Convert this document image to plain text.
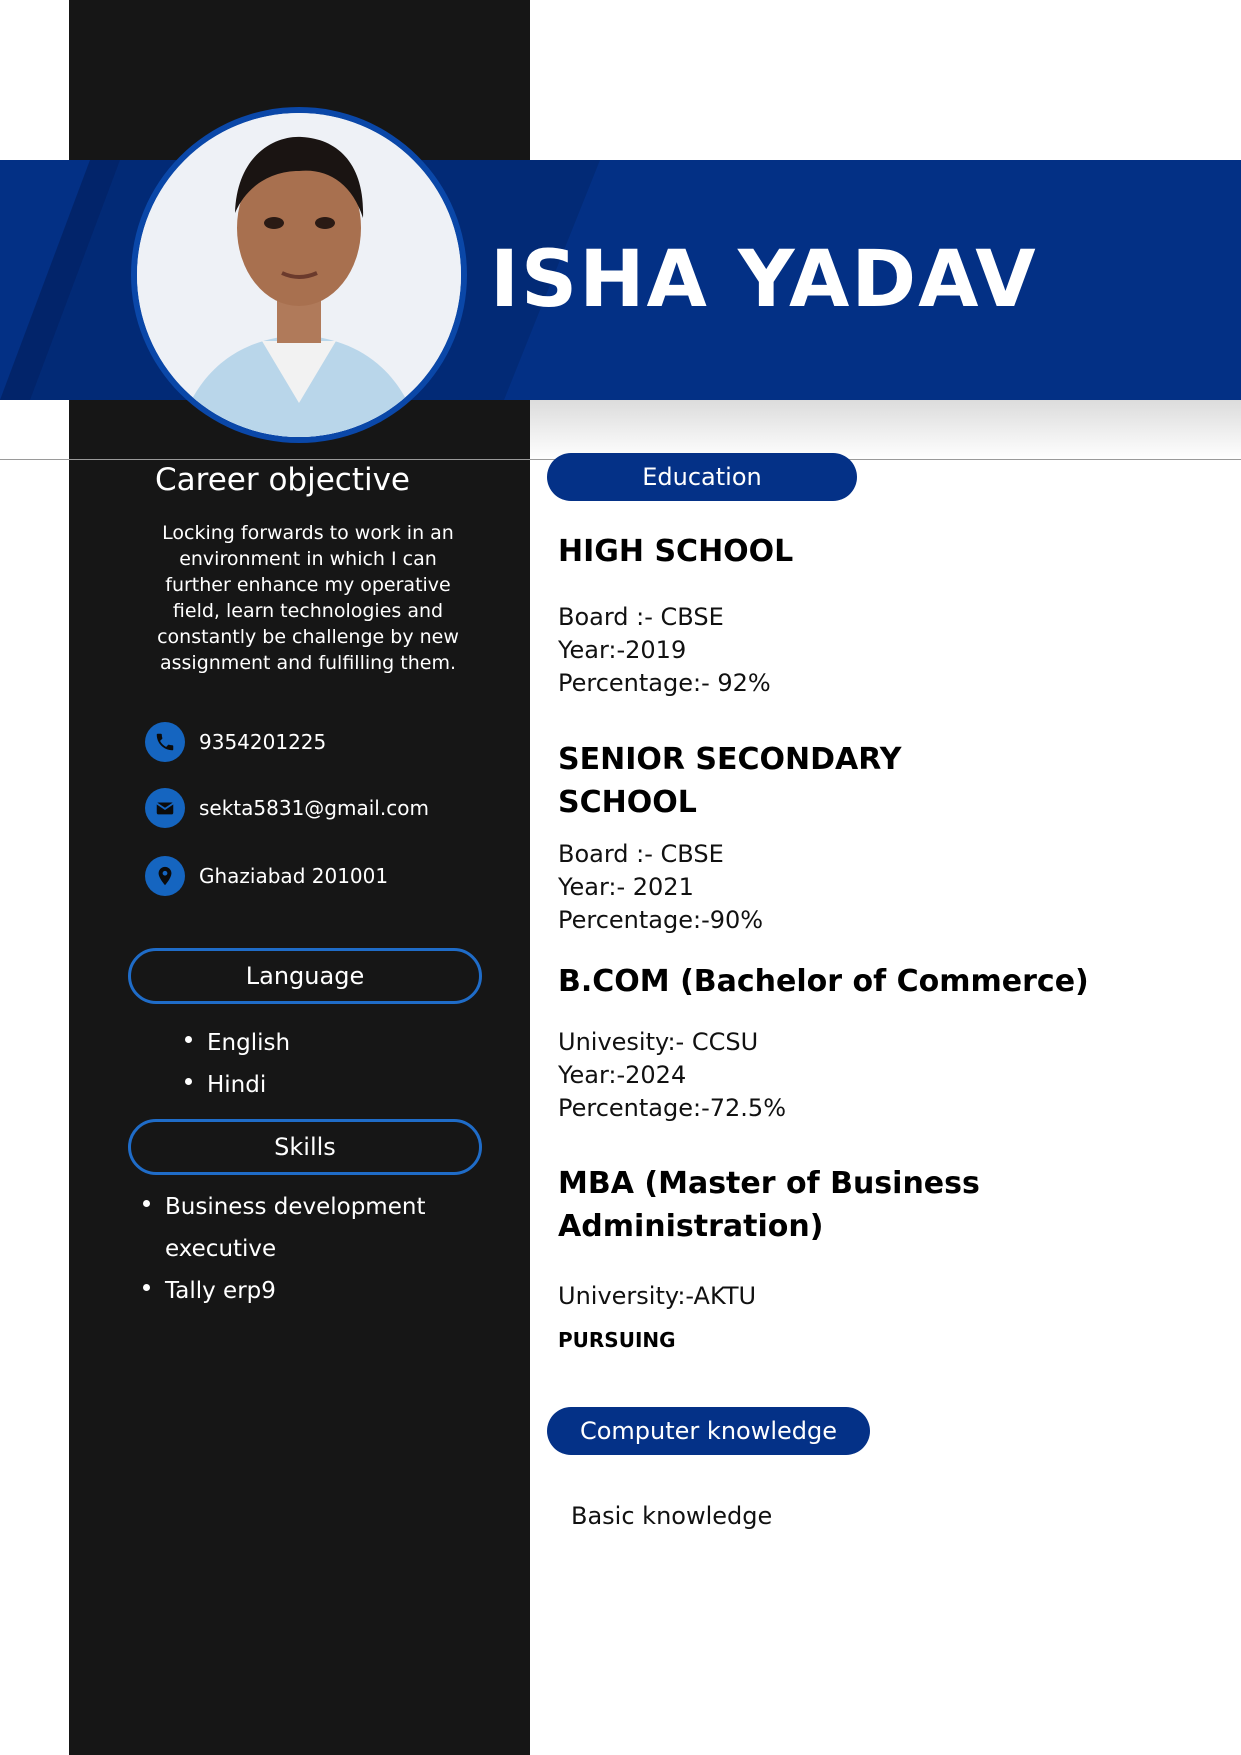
ISHA YADAV
Career objective
Locking forwards to work in an environment in which I can further enhance my operative field, learn technologies and constantly be challenge by new assignment and fulfilling them.
9354201225
sekta5831@gmail.com
Ghaziabad 201001
Language
English
Hindi
Skills
Business development executive
Tally erp9
Education
HIGH SCHOOL
Board :- CBSE
Year:-2019
Percentage:- 92%
SENIOR SECONDARY SCHOOL
Board :- CBSE
Year:- 2021
Percentage:-90%
B.COM (Bachelor of Commerce)
Univesity:- CCSU
Year:-2024
Percentage:-72.5%
MBA (Master of Business Administration)
University:-AKTU
PURSUING
Computer knowledge
Basic knowledge
